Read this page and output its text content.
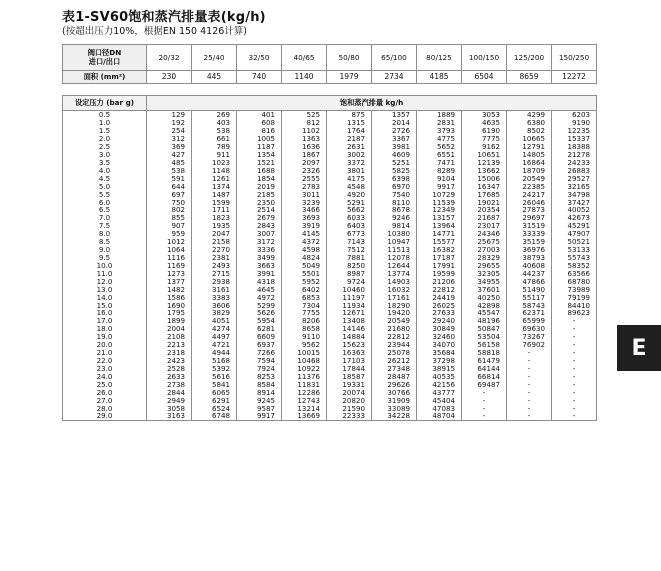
表1-SV60饱和蒸汽排量表(kg/h)
(按超出压力10%，根据EN 150 4126计算)
阀口径DN
进口/出口	20/32	25/40	32/50	40/65	50/80	65/100	80/125	100/150	125/200	150/250
面积 (mm²)	230	445	740	1140	1979	2734	4185	6504	8659	12272
设定压力 (bar g)	饱和蒸汽排量 kg/h									
0.5	129	269	401	525	875	1357	1889	3053	4299	6203
1.0	192	403	608	812	1315	2014	2831	4635	6380	9190
1.5	254	538	816	1102	1764	2726	3793	6190	8502	12235
2.0	312	661	1005	1363	2187	3367	4775	7775	10665	15337
2.5	369	789	1187	1636	2631	3981	5652	9162	12791	18388
3.0	427	911	1354	1867	3002	4609	6551	10651	14805	21278
3.5	485	1023	1521	2097	3372	5251	7471	12139	16864	24233
4.0	538	1148	1688	2326	3801	5825	8289	13662	18709	26883
4.5	591	1261	1854	2555	4175	6398	9104	15006	20549	29527
5.0	644	1374	2019	2783	4548	6970	9917	16347	22385	32165
5.5	697	1487	2185	3011	4920	7540	10729	17685	24217	34798
6.0	750	1599	2350	3239	5291	8110	11539	19021	26046	37427
6.5	802	1711	2514	3466	5662	8678	12349	20354	27873	40052
7.0	855	1823	2679	3693	6033	9246	13157	21687	29697	42673
7.5	907	1935	2843	3919	6403	9814	13964	23017	31519	45291
8.0	959	2047	3007	4145	6773	10380	14771	24346	33339	47907
8.5	1012	2158	3172	4372	7143	10947	15577	25675	35159	50521
9.0	1064	2270	3336	4598	7512	11513	16382	27003	36976	53133
9.5	1116	2381	3499	4824	7881	12078	17187	28329	38793	55743
10.0	1169	2493	3663	5049	8250	12644	17991	29655	40608	58352
11.0	1273	2715	3991	5501	8987	13774	19599	32305	44237	63566
12.0	1377	2938	4318	5952	9724	14903	21206	34955	47866	68780
13.0	1482	3161	4645	6402	10460	16032	22812	37601	51490	73989
14.0	1586	3383	4972	6853	11197	17161	24419	40250	55117	79199
15.0	1690	3606	5299	7304	11934	18290	26025	42898	58743	84410
16.0	1795	3829	5626	7755	12671	19420	27633	45547	62371	89623
17.0	1899	4051	5954	8206	13408	20549	29240	48196	65999	-
18.0	2004	4274	6281	8658	14146	21680	30849	50847	69630	-
19.0	2108	4497	6609	9110	14884	22812	32460	53504	73267	-
20.0	2213	4721	6937	9562	15623	23944	34070	56158	76902	-
21.0	2318	4944	7266	10015	16363	25078	35684	58818	-	-
22.0	2423	5168	7594	10468	17103	26212	37298	61479	-	-
23.0	2528	5392	7924	10922	17844	27348	38915	64144	-	-
24.0	2633	5616	8253	11376	18587	28487	40535	66814	-	-
25.0	2738	5841	8584	11831	19331	29626	42156	69487	-	-
26.0	2844	6065	8914	12286	20074	30766	43777	-	-	-
27.0	2949	6291	9245	12743	20820	31909	45404	-	-	-
28.0	3058	6524	9587	13214	21590	33089	47083	-	-	-
29.0	3163	6748	9917	13669	22333	34228	48704	-	-	-
E
